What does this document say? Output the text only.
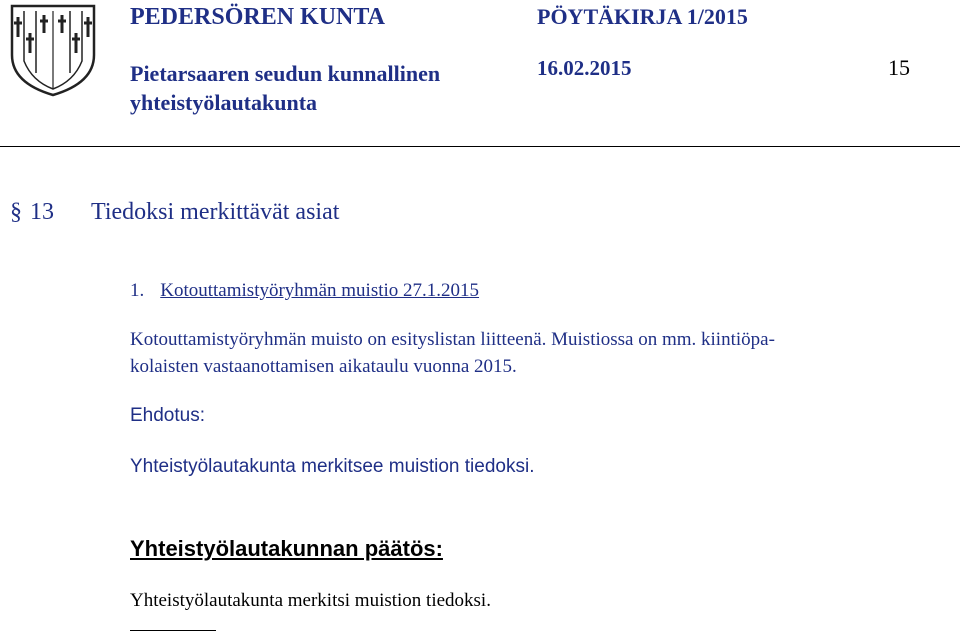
PEDERSÖREN KUNTA	PÖYTÄKIRJA 1/2015
Pietarsaaren seudun kunnallinen
yhteistyölautakunta
16.02.2015	15
§ 13 Tiedoksi merkittävät asiat
1. Kotouttamistyöryhmän muistio 27.1.2015
Kotouttamistyöryhmän muisto on esityslistan liitteenä. Muistiossa on mm. kiintiöpa-
kolaisten vastaanottamisen aikataulu vuonna 2015.
Ehdotus:
Yhteistyölautakunta merkitsee muistion tiedoksi.
Yhteistyölautakunnan päätös:
Yhteistyölautakunta merkitsi muistion tiedoksi.
